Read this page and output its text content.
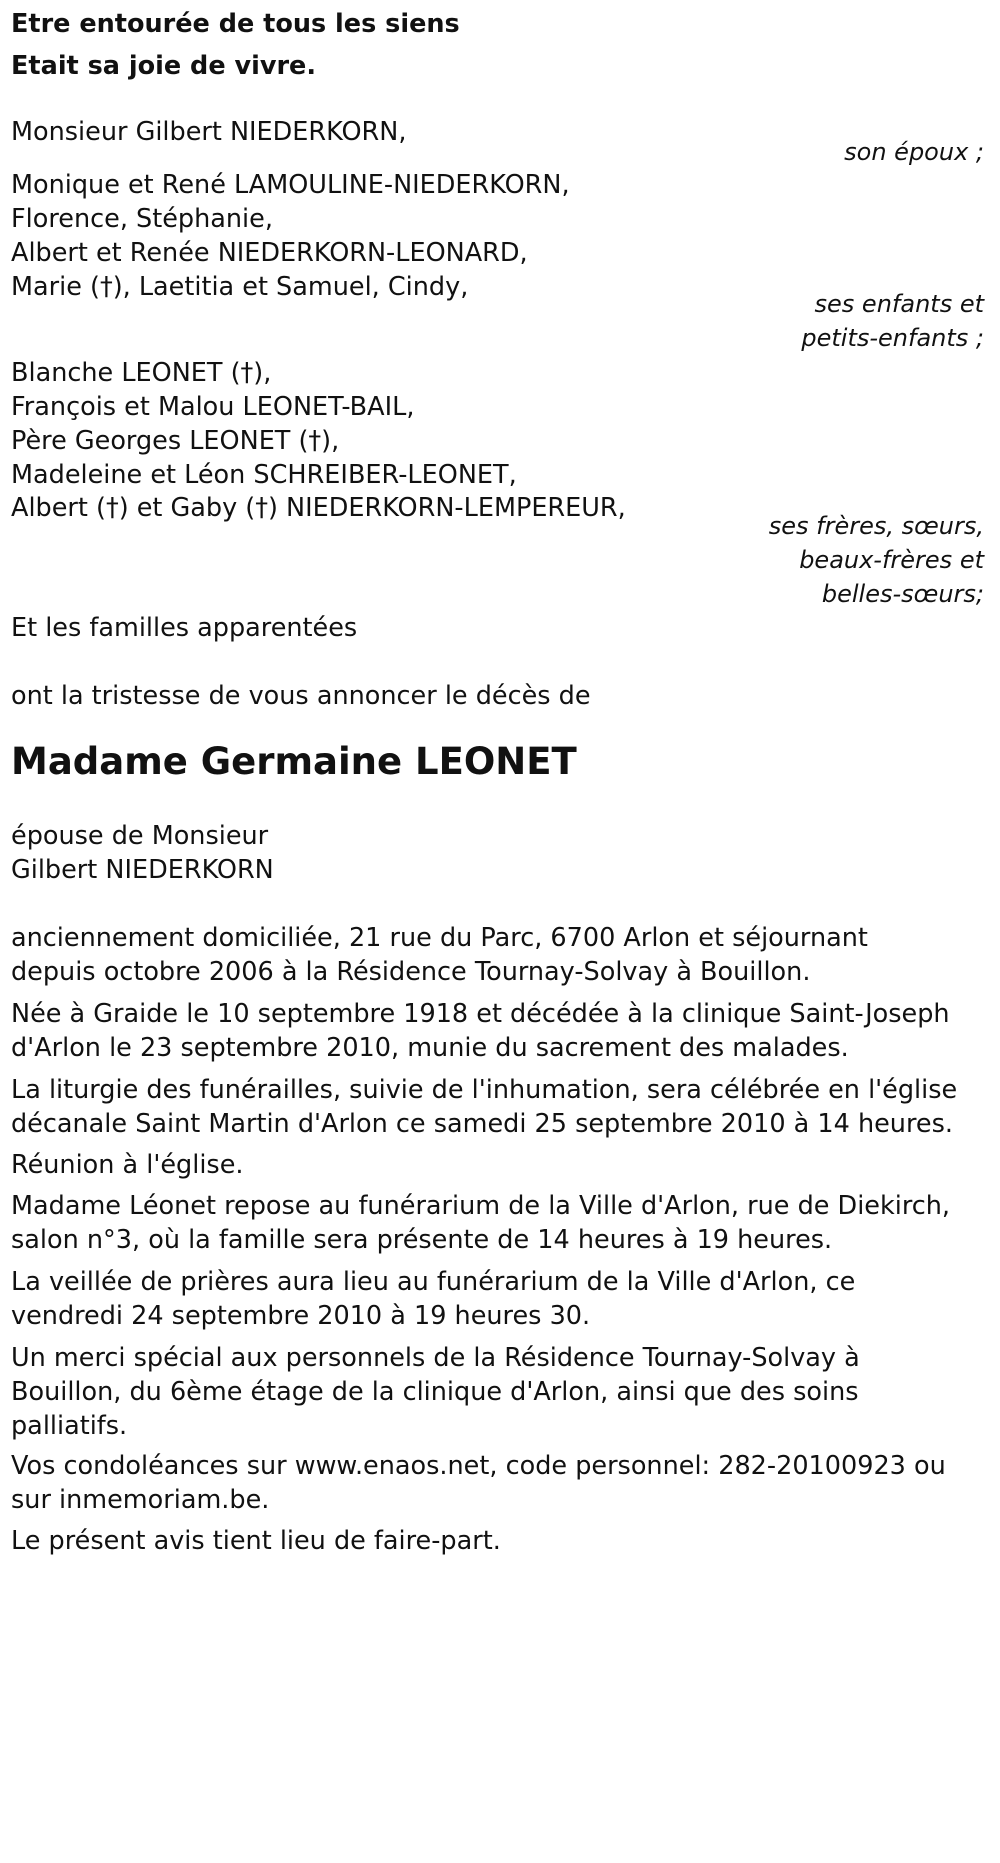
Etre entourée de tous les siens
Etait sa joie de vivre.
Monsieur Gilbert NIEDERKORN,
son époux ;
Monique et René LAMOULINE-NIEDERKORN,
Florence, Stéphanie,
Albert et Renée NIEDERKORN-LEONARD,
Marie (†), Laetitia et Samuel, Cindy,
ses enfants et
petits-enfants ;
Blanche LEONET (†),
François et Malou LEONET-BAIL,
Père Georges LEONET (†),
Madeleine et Léon SCHREIBER-LEONET,
Albert (†) et Gaby (†) NIEDERKORN-LEMPEREUR,
ses frères, sœurs,
beaux-frères et
belles-sœurs;
Et les familles apparentées
ont la tristesse de vous annoncer le décès de
Madame Germaine LEONET
épouse de Monsieur
Gilbert NIEDERKORN
anciennement domiciliée, 21 rue du Parc, 6700 Arlon et séjournant
depuis octobre 2006 à la Résidence Tournay-Solvay à Bouillon.
Née à Graide le 10 septembre 1918 et décédée à la clinique Saint-Joseph
d'Arlon le 23 septembre 2010, munie du sacrement des malades.
La liturgie des funérailles, suivie de l'inhumation, sera célébrée en l'église
décanale Saint Martin d'Arlon ce samedi 25 septembre 2010 à 14 heures.
Réunion à l'église.
Madame Léonet repose au funérarium de la Ville d'Arlon, rue de Diekirch,
salon n°3, où la famille sera présente de 14 heures à 19 heures.
La veillée de prières aura lieu au funérarium de la Ville d'Arlon, ce
vendredi 24 septembre 2010 à 19 heures 30.
Un merci spécial aux personnels de la Résidence Tournay-Solvay à
Bouillon, du 6ème étage de la clinique d'Arlon, ainsi que des soins
palliatifs.
Vos condoléances sur www.enaos.net, code personnel: 282-20100923 ou
sur inmemoriam.be.
Le présent avis tient lieu de faire-part.
